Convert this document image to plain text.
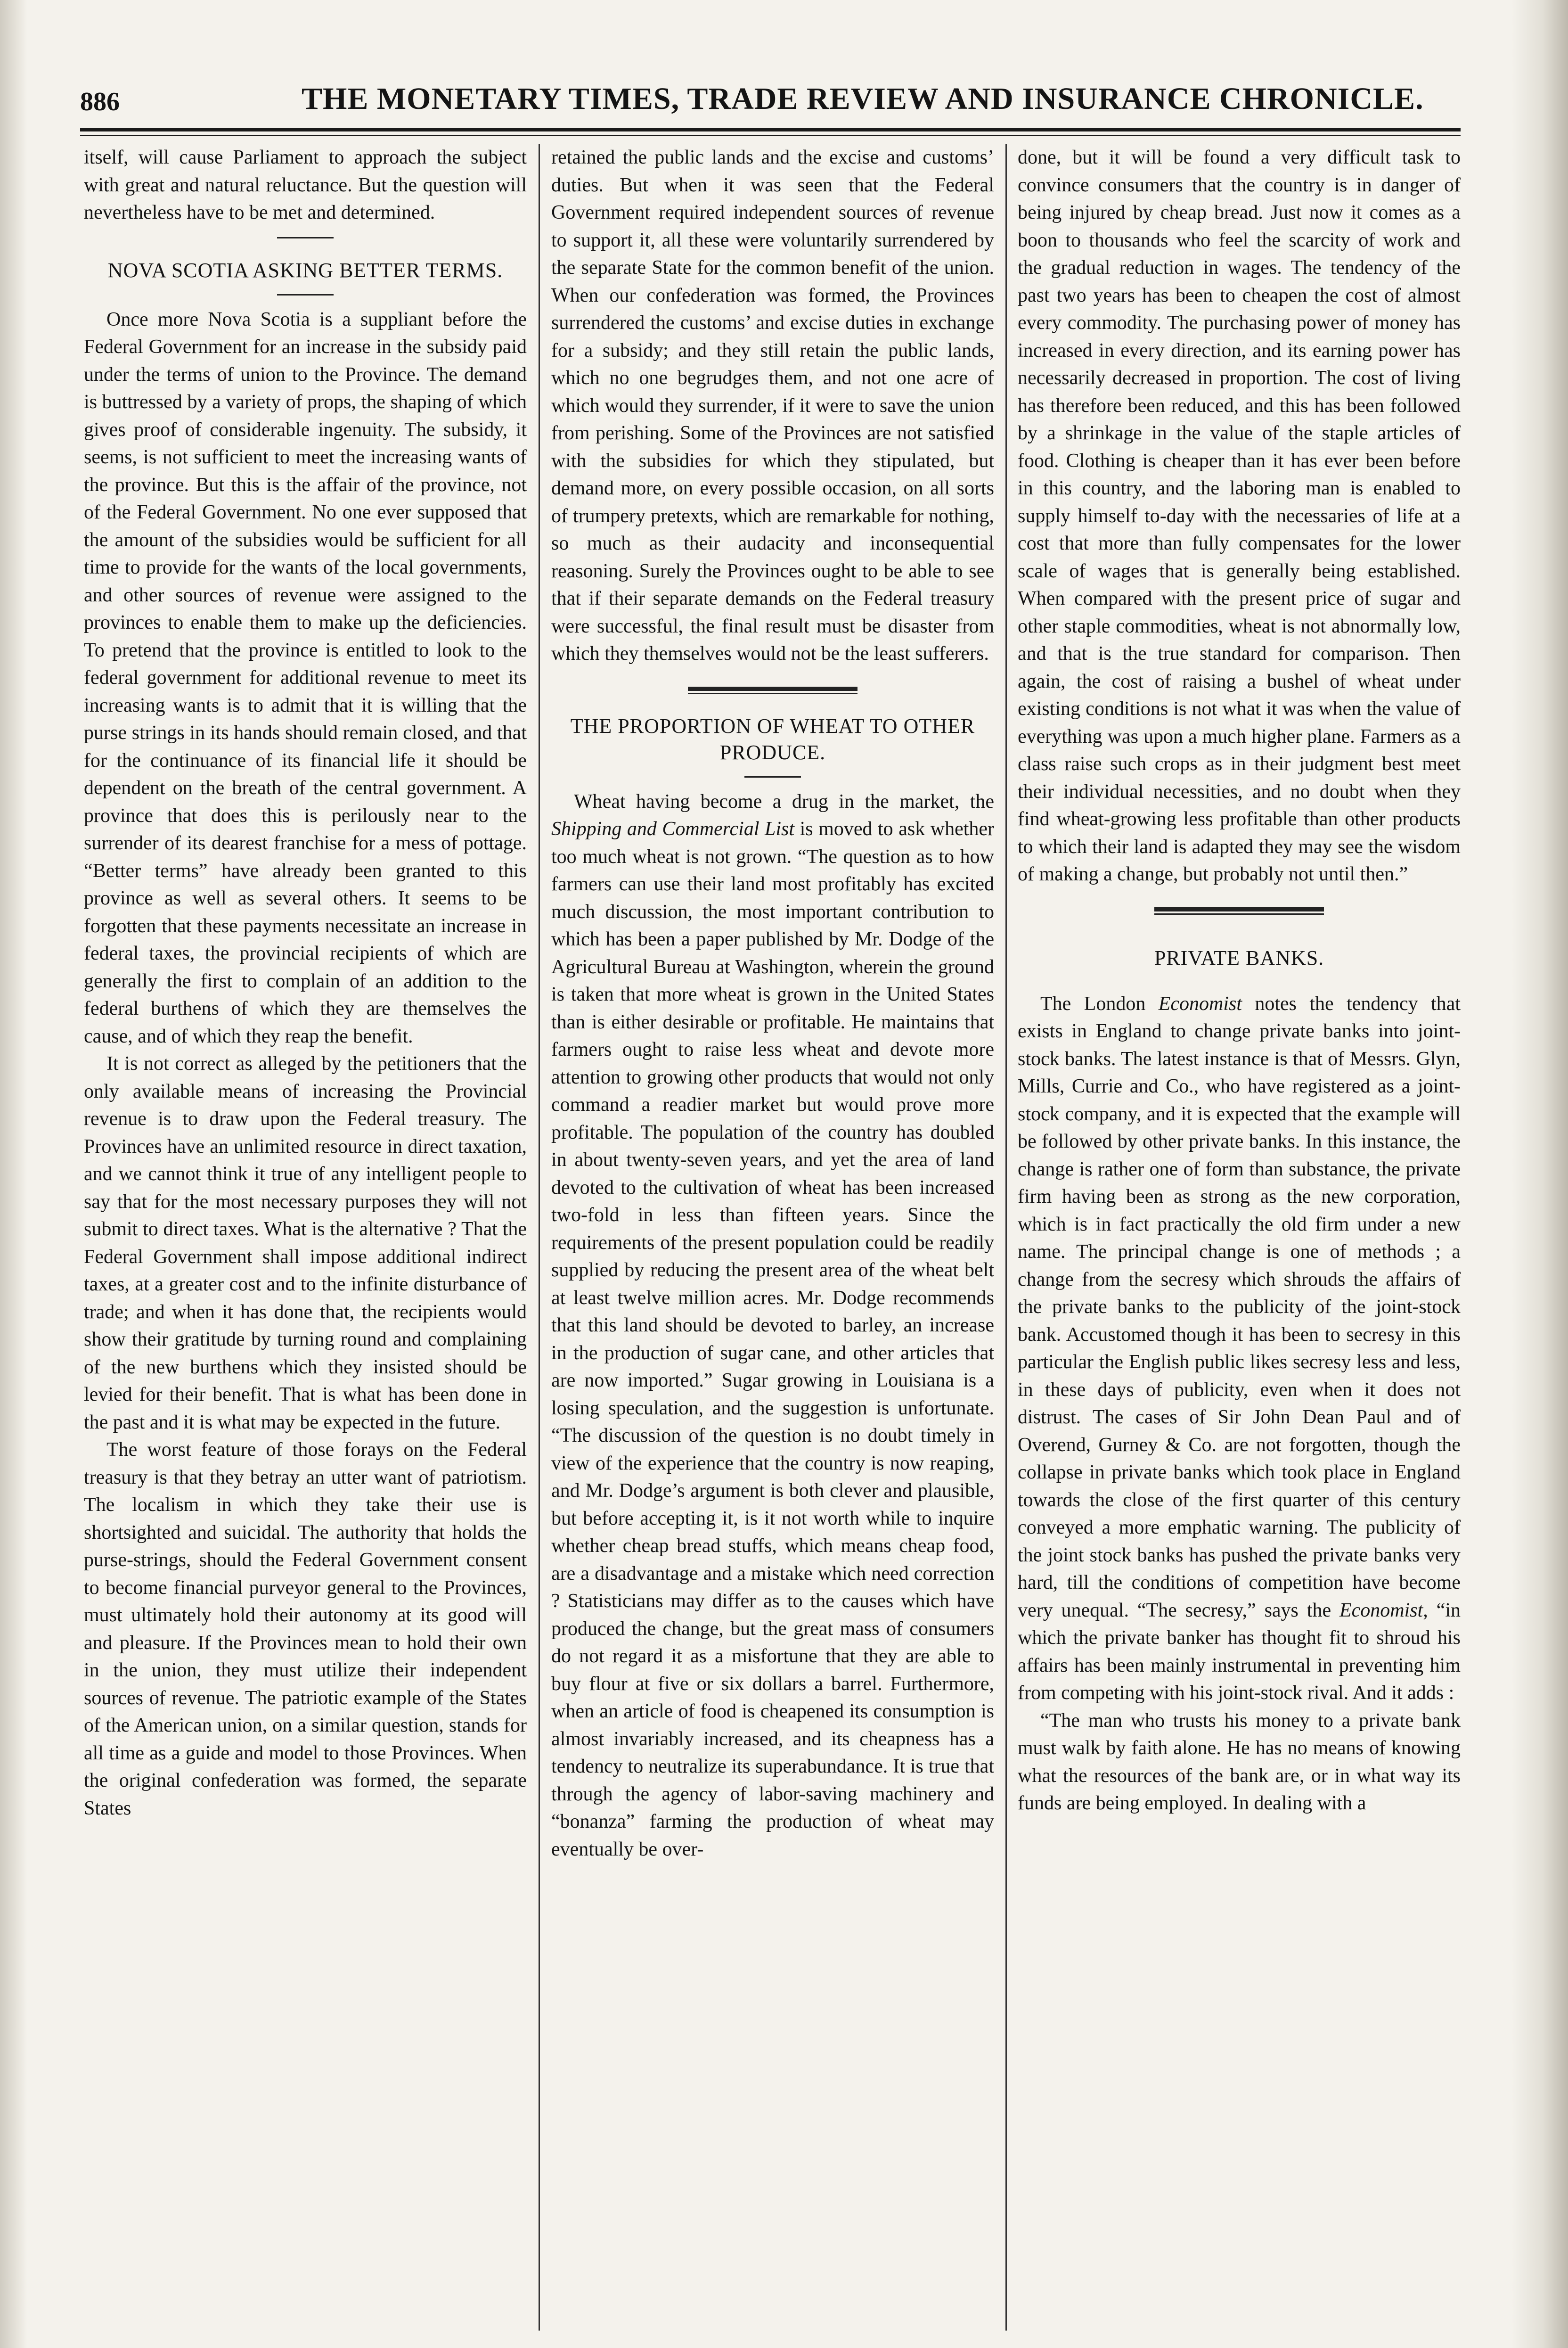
886	THE MONETARY TIMES, TRADE REVIEW AND INSURANCE CHRONICLE.

itself, will cause Parliament to approach the subject with great and natural reluctance. But the question will nevertheless have to be met and determined.

NOVA SCOTIA ASKING BETTER TERMS.

Once more Nova Scotia is a suppliant before the Federal Government for an increase in the subsidy paid under the terms of union to the Province. The demand is buttressed by a variety of props, the shaping of which gives proof of considerable ingenuity. The subsidy, it seems, is not sufficient to meet the increasing wants of the province. But this is the affair of the province, not of the Federal Government. No one ever supposed that the amount of the subsidies would be sufficient for all time to provide for the wants of the local governments, and other sources of revenue were assigned to the provinces to enable them to make up the deficiencies. To pretend that the province is entitled to look to the federal government for additional revenue to meet its increasing wants is to admit that it is willing that the purse strings in its hands should remain closed, and that for the continuance of its financial life it should be dependent on the breath of the central government. A province that does this is perilously near to the surrender of its dearest franchise for a mess of pottage. “Better terms” have already been granted to this province as well as several others. It seems to be forgotten that these payments necessitate an increase in federal taxes, the provincial recipients of which are generally the first to complain of an addition to the federal burthens of which they are themselves the cause, and of which they reap the benefit.

It is not correct as alleged by the petitioners that the only available means of increasing the Provincial revenue is to draw upon the Federal treasury. The Provinces have an unlimited resource in direct taxation, and we cannot think it true of any intelligent people to say that for the most necessary purposes they will not submit to direct taxes. What is the alternative ? That the Federal Government shall impose additional indirect taxes, at a greater cost and to the infinite disturbance of trade; and when it has done that, the recipients would show their gratitude by turning round and complaining of the new burthens which they insisted should be levied for their benefit. That is what has been done in the past and it is what may be expected in the future.

The worst feature of those forays on the Federal treasury is that they betray an utter want of patriotism. The localism in which they take their use is shortsighted and suicidal. The authority that holds the purse-strings, should the Federal Government consent to become financial purveyor general to the Provinces, must ultimately hold their autonomy at its good will and pleasure. If the Provinces mean to hold their own in the union, they must utilize their independent sources of revenue. The patriotic example of the States of the American union, on a similar question, stands for all time as a guide and model to those Provinces. When the original confederation was formed, the separate States

retained the public lands and the excise and customs’ duties. But when it was seen that the Federal Government required independent sources of revenue to support it, all these were voluntarily surrendered by the separate State for the common benefit of the union. When our confederation was formed, the Provinces surrendered the customs’ and excise duties in exchange for a subsidy; and they still retain the public lands, which no one begrudges them, and not one acre of which would they surrender, if it were to save the union from perishing. Some of the Provinces are not satisfied with the subsidies for which they stipulated, but demand more, on every possible occasion, on all sorts of trumpery pretexts, which are remarkable for nothing, so much as their audacity and inconsequential reasoning. Surely the Provinces ought to be able to see that if their separate demands on the Federal treasury were successful, the final result must be disaster from which they themselves would not be the least sufferers.

THE PROPORTION OF WHEAT TO OTHER PRODUCE.

Wheat having become a drug in the market, the Shipping and Commercial List is moved to ask whether too much wheat is not grown. “The question as to how farmers can use their land most profitably has excited much discussion, the most important contribution to which has been a paper published by Mr. Dodge of the Agricultural Bureau at Washington, wherein the ground is taken that more wheat is grown in the United States than is either desirable or profitable. He maintains that farmers ought to raise less wheat and devote more attention to growing other products that would not only command a readier market but would prove more profitable. The population of the country has doubled in about twenty-seven years, and yet the area of land devoted to the cultivation of wheat has been increased two-fold in less than fifteen years. Since the requirements of the present population could be readily supplied by reducing the present area of the wheat belt at least twelve million acres. Mr. Dodge recommends that this land should be devoted to barley, an increase in the production of sugar cane, and other articles that are now imported.” Sugar growing in Louisiana is a losing speculation, and the suggestion is unfortunate. “The discussion of the question is no doubt timely in view of the experience that the country is now reaping, and Mr. Dodge’s argument is both clever and plausible, but before accepting it, is it not worth while to inquire whether cheap bread stuffs, which means cheap food, are a disadvantage and a mistake which need correction ? Statisticians may differ as to the causes which have produced the change, but the great mass of consumers do not regard it as a misfortune that they are able to buy flour at five or six dollars a barrel. Furthermore, when an article of food is cheapened its consumption is almost invariably increased, and its cheapness has a tendency to neutralize its superabundance. It is true that through the agency of labor-saving machinery and “bonanza” farming the production of wheat may eventually be over-

done, but it will be found a very difficult task to convince consumers that the country is in danger of being injured by cheap bread. Just now it comes as a boon to thousands who feel the scarcity of work and the gradual reduction in wages. The tendency of the past two years has been to cheapen the cost of almost every commodity. The purchasing power of money has increased in every direction, and its earning power has necessarily decreased in proportion. The cost of living has therefore been reduced, and this has been followed by a shrinkage in the value of the staple articles of food. Clothing is cheaper than it has ever been before in this country, and the laboring man is enabled to supply himself to-day with the necessaries of life at a cost that more than fully compensates for the lower scale of wages that is generally being established. When compared with the present price of sugar and other staple commodities, wheat is not abnormally low, and that is the true standard for comparison. Then again, the cost of raising a bushel of wheat under existing conditions is not what it was when the value of everything was upon a much higher plane. Farmers as a class raise such crops as in their judgment best meet their individual necessities, and no doubt when they find wheat-growing less profitable than other products to which their land is adapted they may see the wisdom of making a change, but probably not until then.”

PRIVATE BANKS.

The London Economist notes the tendency that exists in England to change private banks into joint-stock banks. The latest instance is that of Messrs. Glyn, Mills, Currie and Co., who have registered as a joint-stock company, and it is expected that the example will be followed by other private banks. In this instance, the change is rather one of form than substance, the private firm having been as strong as the new corporation, which is in fact practically the old firm under a new name. The principal change is one of methods ; a change from the secresy which shrouds the affairs of the private banks to the publicity of the joint-stock bank. Accustomed though it has been to secresy in this particular the English public likes secresy less and less, in these days of publicity, even when it does not distrust. The cases of Sir John Dean Paul and of Overend, Gurney & Co. are not forgotten, though the collapse in private banks which took place in England towards the close of the first quarter of this century conveyed a more emphatic warning. The publicity of the joint stock banks has pushed the private banks very hard, till the conditions of competition have become very unequal. “The secresy,” says the Economist, “in which the private banker has thought fit to shroud his affairs has been mainly instrumental in preventing him from competing with his joint-stock rival. And it adds :

“The man who trusts his money to a private bank must walk by faith alone. He has no means of knowing what the resources of the bank are, or in what way its funds are being employed. In dealing with a
